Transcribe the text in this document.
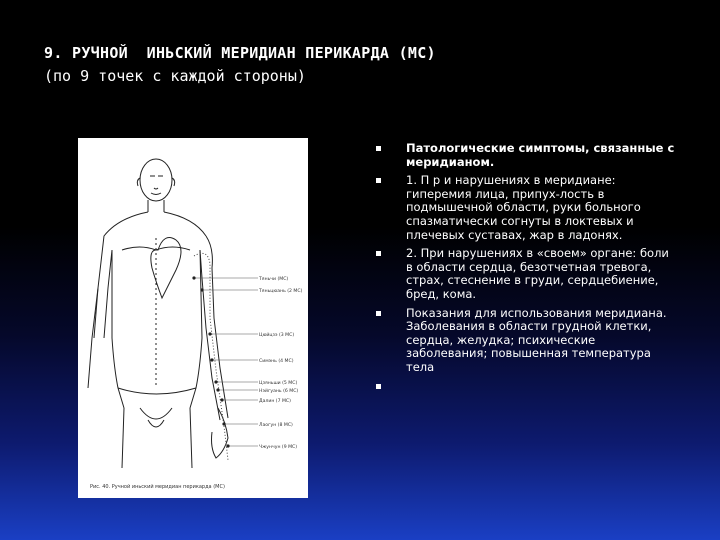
9. РУЧНОЙ  ИНЬСКИЙ МЕРИДИАН ПЕРИКАРДА (МС)
(по 9 точек с каждой стороны)
Тяньчи (МС)
Тяньцюань (2 МС)
Цюйцзэ (3 МС)
Симэнь (4 МС)
Цзяньши (5 МС)
Нэйгуань (6 МС)
Далин (7 МС)
Лаогун (8 МС)
Чжунчун (9 МС)
Рис. 40. Ручной иньский меридиан перикарда (МС)
Патологические симптомы, связанные с меридианом.
1. П р и нарушениях в меридиане: гиперемия лица, припух-лость в подмышечной области, руки больного спазматически согнуты в локтевых и плечевых суставах, жар в ладонях.
2. При нарушениях в «своем» органе: боли в области сердца, безотчетная тревога, страх, стеснение в груди, сердцебиение, бред, кома.
Показания для использования меридиана. Заболевания в области грудной клетки, сердца, желудка; психические заболевания; повышенная температура тела
